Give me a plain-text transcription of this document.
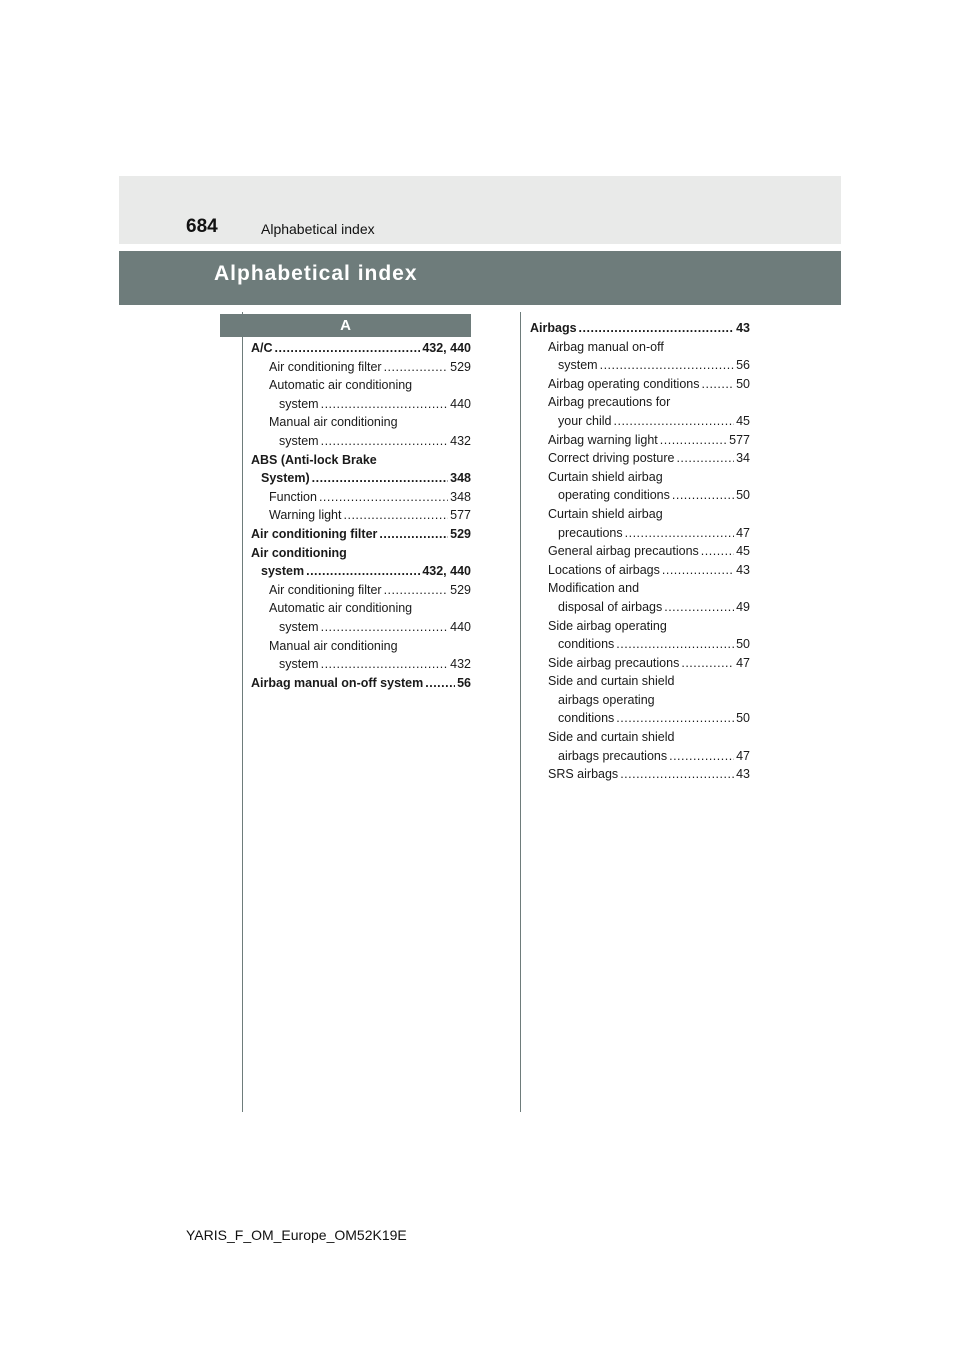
684	Alphabetical index
Alphabetical index
A
A/C .....	432, 440
Air conditioning filter .....	529
Automatic air conditioning
system .....	440
Manual air conditioning
system .....	432
ABS (Anti-lock Brake
System) .....	348
Function .....	348
Warning light .....	577
Air conditioning filter .....	529
Air conditioning
system .....	432, 440
Air conditioning filter .....	529
Automatic air conditioning
system .....	440
Manual air conditioning
system .....	432
Airbag manual on-off system .....	56
Airbags .....	43
Airbag manual on-off
system .....	56
Airbag operating conditions .....	50
Airbag precautions for
your child .....	45
Airbag warning light .....	577
Correct driving posture .....	34
Curtain shield airbag
operating conditions .....	50
Curtain shield airbag
precautions .....	47
General airbag precautions .....	45
Locations of airbags .....	43
Modification and
disposal of airbags .....	49
Side airbag operating
conditions .....	50
Side airbag precautions .....	47
Side and curtain shield
airbags operating
conditions .....	50
Side and curtain shield
airbags precautions .....	47
SRS airbags .....	43
YARIS_F_OM_Europe_OM52K19E
